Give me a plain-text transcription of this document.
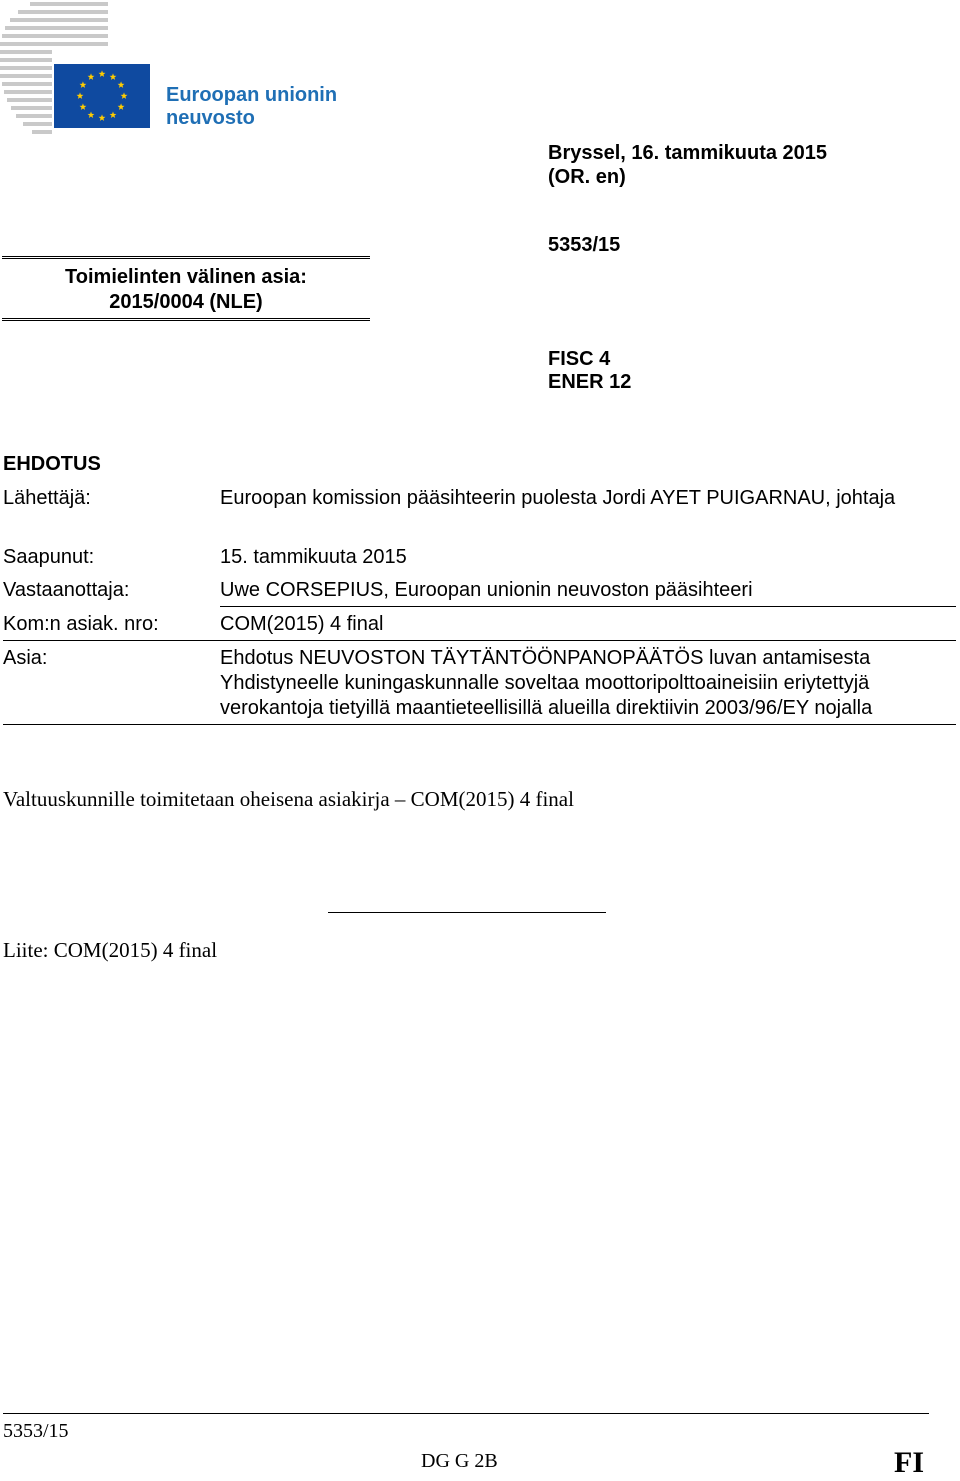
Euroopan unionin
neuvosto
Bryssel, 16. tammikuuta 2015
(OR. en)
Toimielinten välinen asia:
2015/0004 (NLE)
5353/15
FISC 4
ENER 12
EHDOTUS
Lähettäjä:	Euroopan komission pääsihteerin puolesta Jordi AYET PUIGARNAU, johtaja
Saapunut:	15. tammikuuta 2015
Vastaanottaja:	Uwe CORSEPIUS, Euroopan unionin neuvoston pääsihteeri
Kom:n asiak. nro:	COM(2015) 4 final
Asia:	Ehdotus NEUVOSTON TÄYTÄNTÖÖNPANOPÄÄTÖS luvan antamisesta Yhdistyneelle kuningaskunnalle soveltaa moottoripolttoaineisiin eriytettyjä verokantoja tietyillä maantieteellisillä alueilla direktiivin 2003/96/EY nojalla
Valtuuskunnille toimitetaan oheisena asiakirja – COM(2015) 4 final
Liite: COM(2015) 4 final
5353/15
DG G 2B	FI
